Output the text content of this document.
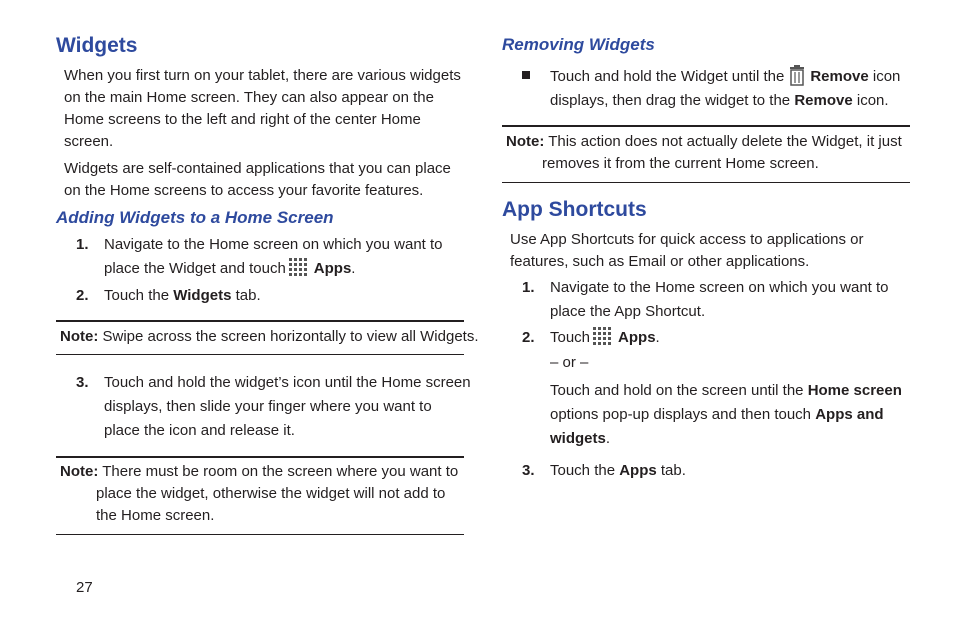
Widgets
When you first turn on your tablet, there are various widgets
on the main Home screen. They can also appear on the
Home screens to the left and right of the center Home
screen.
Widgets are self-contained applications that you can place
on the Home screens to access your favorite features.
Adding Widgets to a Home Screen
1. Navigate to the Home screen on which you want to
place the Widget and touch Apps.
2. Touch the Widgets tab.
Note: Swipe across the screen horizontally to view all Widgets.
3. Touch and hold the widget’s icon until the Home screen
displays, then slide your finger where you want to
place the icon and release it.
Note: There must be room on the screen where you want to
place the widget, otherwise the widget will not add to
the Home screen.
27
Removing Widgets
Touch and hold the Widget until the Remove icon
displays, then drag the widget to the Remove icon.
Note: This action does not actually delete the Widget, it just
removes it from the current Home screen.
App Shortcuts
Use App Shortcuts for quick access to applications or
features, such as Email or other applications.
1. Navigate to the Home screen on which you want to
place the App Shortcut.
2. Touch Apps.
– or –
Touch and hold on the screen until the Home screen
options pop-up displays and then touch Apps and
widgets.
3. Touch the Apps tab.
